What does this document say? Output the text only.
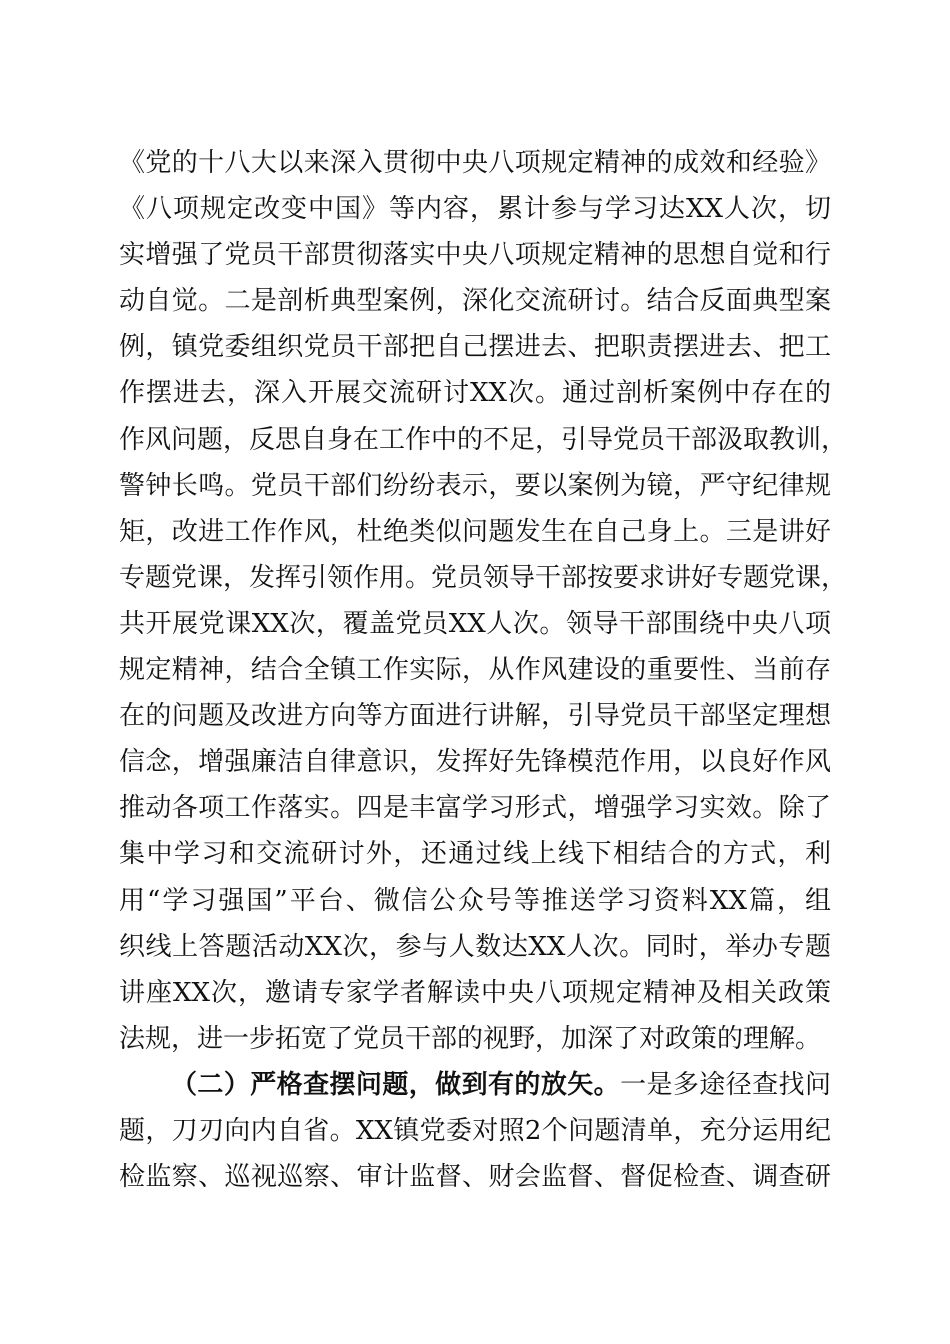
《党的十八大以来深入贯彻中央八项规定精神的成效和经验》
《八项规定改变中国》等内容，累计参与学习达XX人次，切
实增强了党员干部贯彻落实中央八项规定精神的思想自觉和行
动自觉。二是剖析典型案例，深化交流研讨。结合反面典型案
例，镇党委组织党员干部把自己摆进去、把职责摆进去、把工
作摆进去，深入开展交流研讨XX次。通过剖析案例中存在的
作风问题，反思自身在工作中的不足，引导党员干部汲取教训，
警钟长鸣。党员干部们纷纷表示，要以案例为镜，严守纪律规
矩，改进工作作风，杜绝类似问题发生在自己身上。三是讲好
专题党课，发挥引领作用。党员领导干部按要求讲好专题党课，
共开展党课XX次，覆盖党员XX人次。领导干部围绕中央八项
规定精神，结合全镇工作实际，从作风建设的重要性、当前存
在的问题及改进方向等方面进行讲解，引导党员干部坚定理想
信念，增强廉洁自律意识，发挥好先锋模范作用，以良好作风
推动各项工作落实。四是丰富学习形式，增强学习实效。除了
集中学习和交流研讨外，还通过线上线下相结合的方式，利
用“学习强国”平台、微信公众号等推送学习资料XX篇，组
织线上答题活动XX次，参与人数达XX人次。同时，举办专题
讲座XX次，邀请专家学者解读中央八项规定精神及相关政策
法规，进一步拓宽了党员干部的视野，加深了对政策的理解。
（二）严格查摆问题，做到有的放矢。一是多途径查找问
题，刀刃向内自省。XX镇党委对照2个问题清单，充分运用纪
检监察、巡视巡察、审计监督、财会监督、督促检查、调查研
